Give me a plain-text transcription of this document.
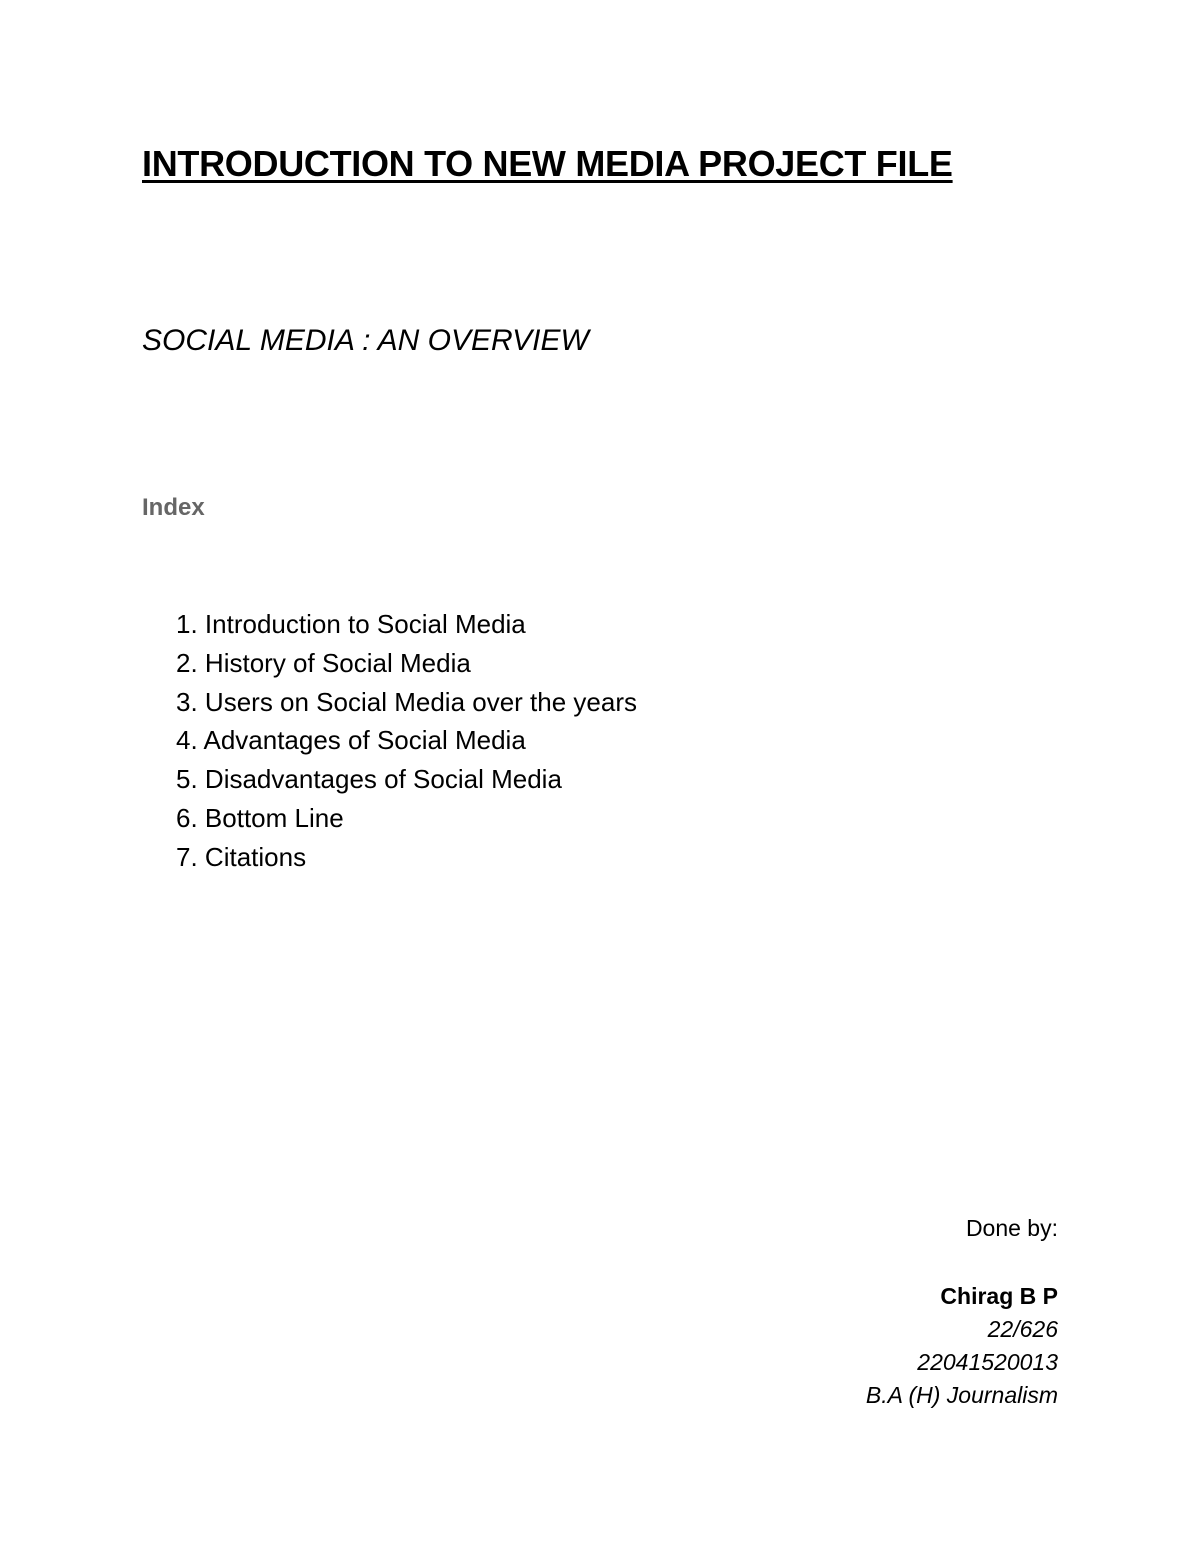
INTRODUCTION TO NEW MEDIA PROJECT FILE
SOCIAL MEDIA : AN OVERVIEW
Index
1. Introduction to Social Media
2. History of Social Media
3. Users on Social Media over the years
4. Advantages of Social Media
5. Disadvantages of Social Media
6. Bottom Line
7. Citations
Done by:
Chirag B P
22/626
22041520013
B.A (H) Journalism
